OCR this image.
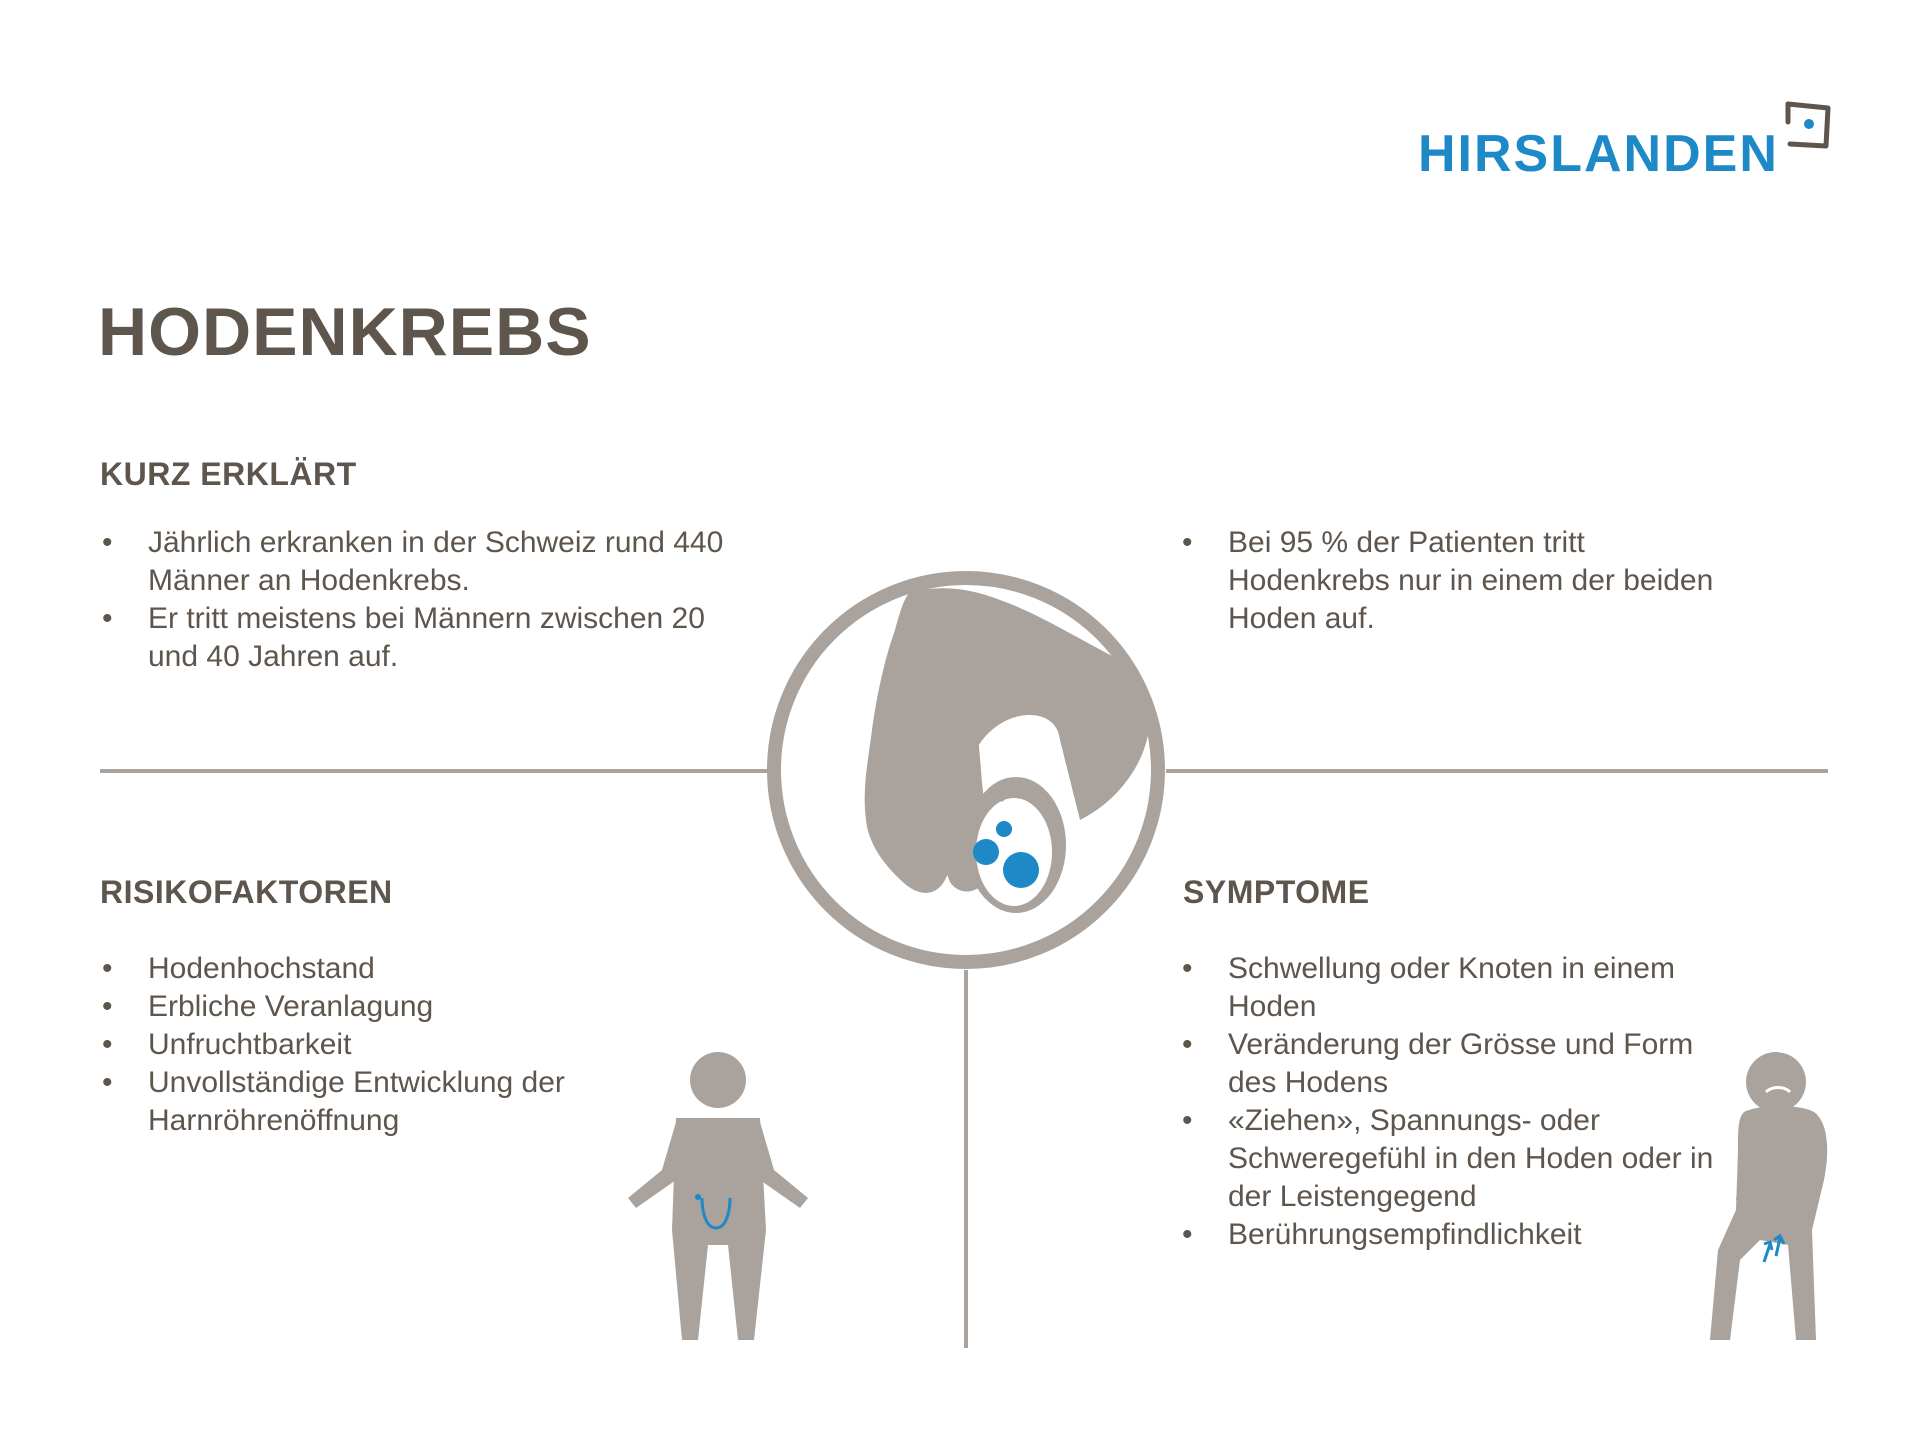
HIRSLANDEN
HODENKREBS
KURZ ERKLÄRT
• Jährlich erkranken in der Schweiz rund 440 Männer an Hodenkrebs.
• Er tritt meistens bei Männern zwischen 20 und 40 Jahren auf.
• Bei 95 % der Patienten tritt Hodenkrebs nur in einem der beiden Hoden auf.
RISIKOFAKTOREN
• Hodenhochstand
• Erbliche Veranlagung
• Unfruchtbarkeit
• Unvollständige Entwicklung der Harnröhrenöffnung
SYMPTOME
• Schwellung oder Knoten in einem Hoden
• Veränderung der Grösse und Form des Hodens
• «Ziehen», Spannungs- oder Schweregefühl in den Hoden oder in der Leistengegend
• Berührungsempfindlichkeit
